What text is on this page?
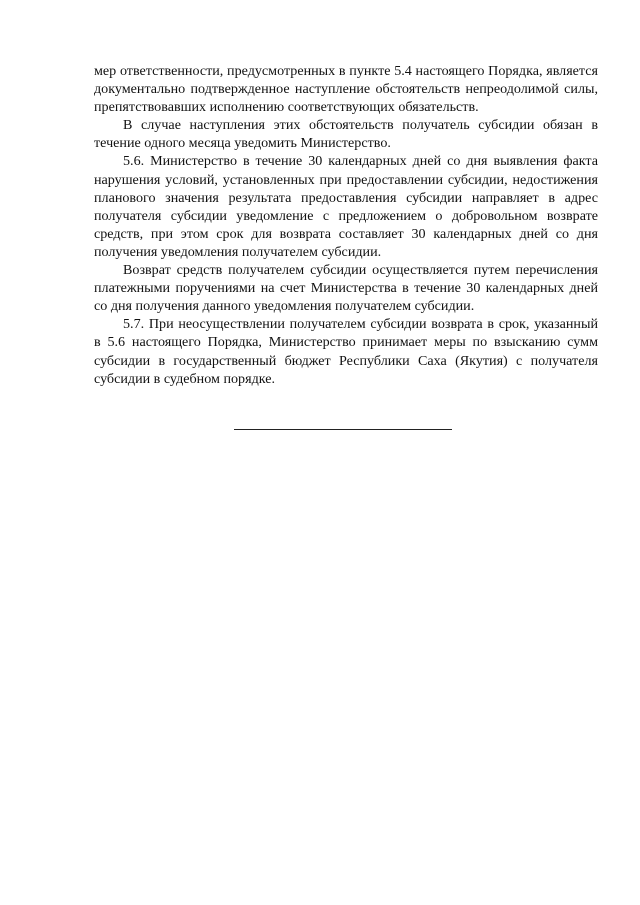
мер ответственности, предусмотренных в пункте 5.4 настоящего Порядка, является документально подтвержденное наступление обстоятельств непреодолимой силы, препятствовавших исполнению соответствующих обязательств.

В случае наступления этих обстоятельств получатель субсидии обязан в течение одного месяца уведомить Министерство.

5.6. Министерство в течение 30 календарных дней со дня выявления факта нарушения условий, установленных при предоставлении субсидии, недостижения планового значения результата предоставления субсидии направляет в адрес получателя субсидии уведомление с предложением о добровольном возврате средств, при этом срок для возврата составляет 30 календарных дней со дня получения уведомления получателем субсидии.

Возврат средств получателем субсидии осуществляется путем перечисления платежными поручениями на счет Министерства в течение 30 календарных дней со дня получения данного уведомления получателем субсидии.

5.7. При неосуществлении получателем субсидии возврата в срок, указанный в 5.6 настоящего Порядка, Министерство принимает меры по взысканию сумм субсидии в государственный бюджет Республики Саха (Якутия) с получателя субсидии в судебном порядке.
